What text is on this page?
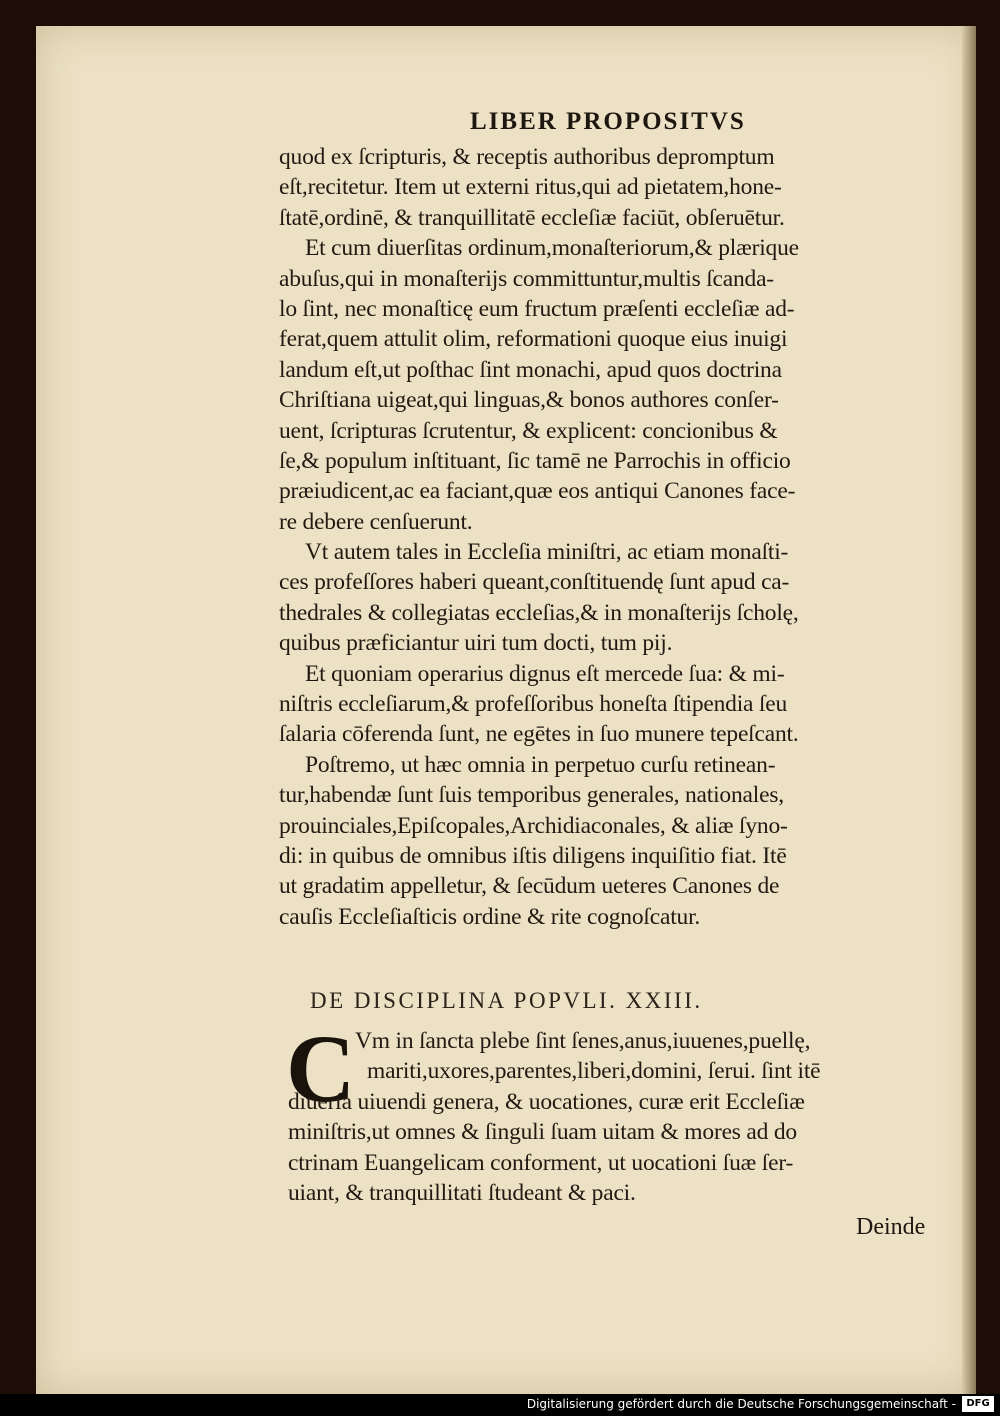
LIBER PROPOSITVS
quod ex ſcripturis, & receptis authoribus depromptum
eſt,recitetur. Item ut externi ritus,qui ad pietatem,hone-
ſtatē,ordinē, & tranquillitatē eccleſiæ faciūt, obſeruētur.
Et cum diuerſitas ordinum,monaſteriorum,& plærique
abuſus,qui in monaſterijs committuntur,multis ſcanda-
lo ſint, nec monaſticę eum fructum præſenti eccleſiæ ad-
ferat,quem attulit olim, reformationi quoque eius inuigi
landum eſt,ut poſthac ſint monachi, apud quos doctrina
Chriſtiana uigeat,qui linguas,& bonos authores conſer-
uent, ſcripturas ſcrutentur, & explicent: concionibus &
ſe,& populum inſtituant, ſic tamē ne Parrochis in officio
præiudicent,ac ea faciant,quæ eos antiqui Canones face-
re debere cenſuerunt.
Vt autem tales in Eccleſia miniſtri, ac etiam monaſti-
ces profeſſores haberi queant,conſtituendę ſunt apud ca-
thedrales & collegiatas eccleſias,& in monaſterijs ſcholę,
quibus præficiantur uiri tum docti, tum pij.
Et quoniam operarius dignus eſt mercede ſua: & mi-
niſtris eccleſiarum,& profeſſoribus honeſta ſtipendia ſeu
ſalaria cōferenda ſunt, ne egētes in ſuo munere tepeſcant.
Poſtremo, ut hæc omnia in perpetuo curſu retinean-
tur,habendæ ſunt ſuis temporibus generales, nationales,
prouinciales,Epiſcopales,Archidiaconales, & aliæ ſyno-
di: in quibus de omnibus iſtis diligens inquiſitio fiat. Itē
ut gradatim appelletur, & ſecūdum ueteres Canones de
cauſis Eccleſiaſticis ordine & rite cognoſcatur.
DE DISCIPLINA POPVLI. XXIII.
C Vm in ſancta plebe ſint ſenes,anus,iuuenes,puellę,
mariti,uxores,parentes,liberi,domini, ſerui. ſint itē
diuerſa uiuendi genera, & uocationes, curæ erit Eccleſiæ
miniſtris,ut omnes & ſinguli ſuam uitam & mores ad do
ctrinam Euangelicam conforment, ut uocationi ſuæ ſer-
uiant, & tranquillitati ſtudeant & paci.
Deinde
Digitalisierung gefördert durch die Deutsche Forschungsgemeinschaft -	DFG
